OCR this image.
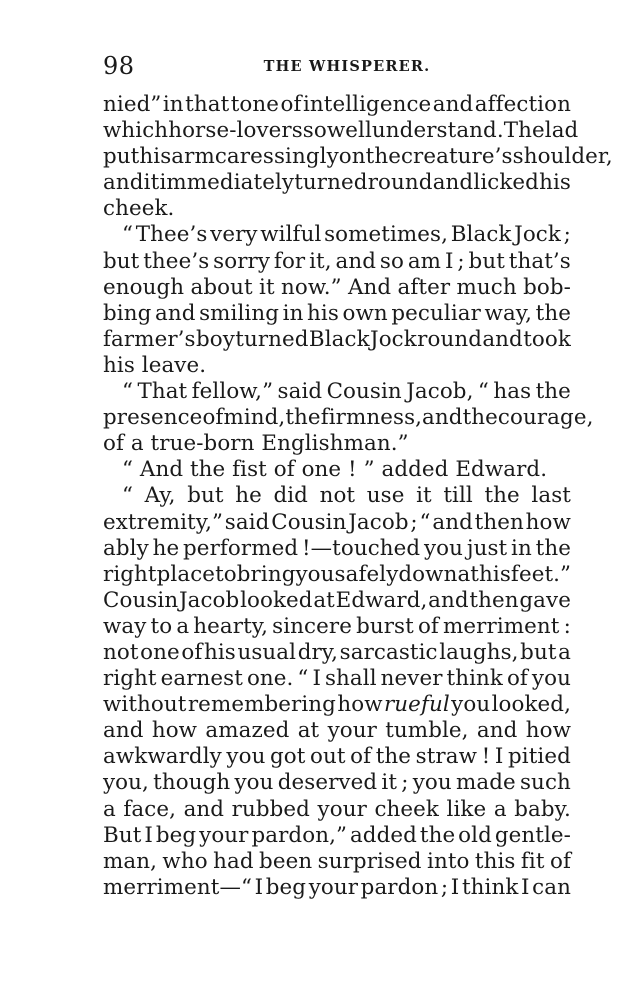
98	THE WHISPERER.
nied” in that tone of intelligence and affection
which horse-lovers so well understand. The lad
put his arm caressingly on the creature’s shoulder,
and it immediately turned round and licked his
cheek.
“ Thee’s very wilful sometimes, Black Jock ;
but thee’s sorry for it, and so am I ; but that’s
enough about it now.” And after much bob-
bing and smiling in his own peculiar way, the
farmer’s boy turned Black Jock round and took
his leave.
“ That fellow,” said Cousin Jacob, “ has the
presence of mind, the firmness, and the courage,
of a true-born Englishman.”
“ And the fist of one ! ” added Edward.
“ Ay, but he did not use it till the last
extremity,” said Cousin Jacob ; “ and then how
ably he performed !—touched you just in the
right place to bring you safely down at his feet.”
Cousin Jacob looked at Edward, and then gave
way to a hearty, sincere burst of merriment :
not one of his usual dry, sarcastic laughs, but a
right earnest one. “ I shall never think of you
without remembering how rueful you looked,
and how amazed at your tumble, and how
awkwardly you got out of the straw ! I pitied
you, though you deserved it ; you made such
a face, and rubbed your cheek like a baby.
But I beg your pardon,” added the old gentle-
man, who had been surprised into this fit of
merriment—“ I beg your pardon ; I think I can
